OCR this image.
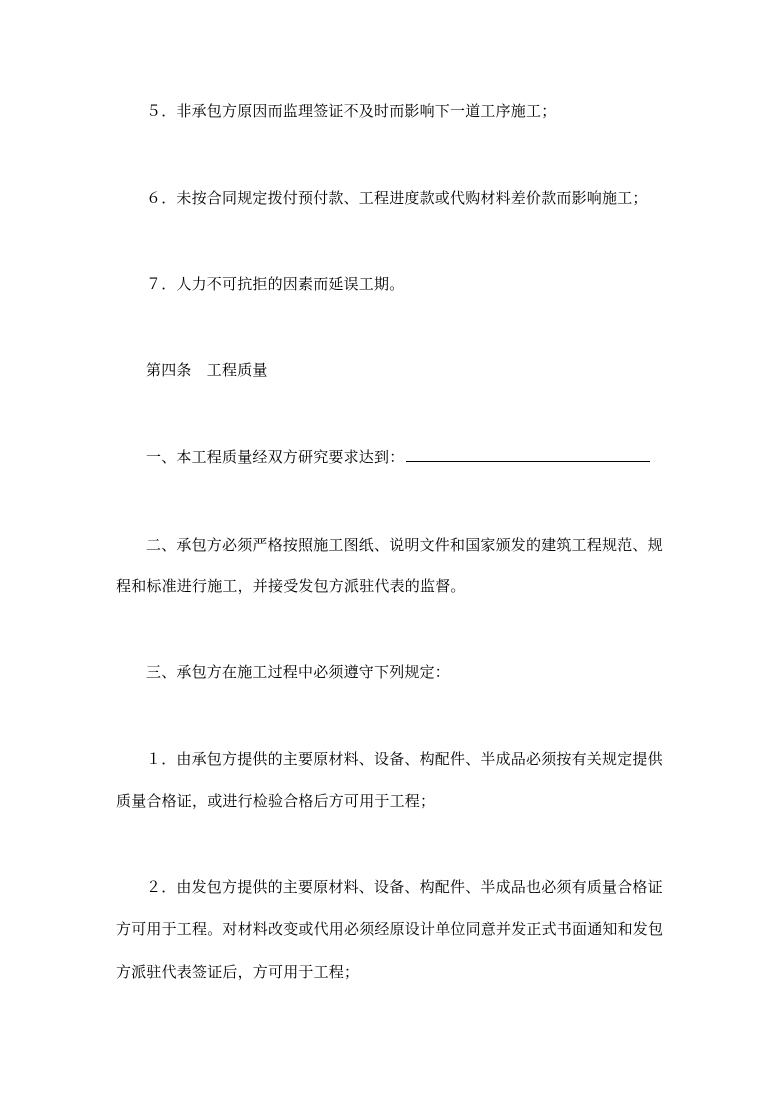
５．非承包方原因而监理签证不及时而影响下一道工序施工；
６．未按合同规定拨付预付款、工程进度款或代购材料差价款而影响施工；
７．人力不可抗拒的因素而延误工期。
第四条　工程质量
一、本工程质量经双方研究要求达到：
二、承包方必须严格按照施工图纸、说明文件和国家颁发的建筑工程规范、规
程和标准进行施工，并接受发包方派驻代表的监督。
三、承包方在施工过程中必须遵守下列规定：
１．由承包方提供的主要原材料、设备、构配件、半成品必须按有关规定提供
质量合格证，或进行检验合格后方可用于工程；
２．由发包方提供的主要原材料、设备、构配件、半成品也必须有质量合格证
方可用于工程。对材料改变或代用必须经原设计单位同意并发正式书面通知和发包
方派驻代表签证后，方可用于工程；
